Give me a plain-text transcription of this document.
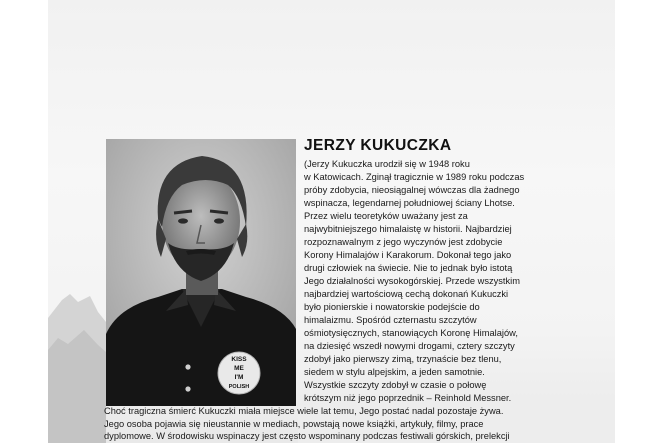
KISS
ME
I'M
POLISH
JERZY KUKUCZKA
(Jerzy Kukuczka urodził się w 1948 roku
w Katowicach. Zginął tragicznie w 1989 roku podczas
próby zdobycia, nieosiągalnej wówczas dla żadnego
wspinacza, legendarnej południowej ściany Lhotse.
Przez wielu teoretyków uważany jest za
najwybitniejszego himalaistę w historii. Najbardziej
rozpoznawalnym z jego wyczynów jest zdobycie
Korony Himalajów i Karakorum. Dokonał tego jako
drugi człowiek na świecie. Nie to jednak było istotą
Jego działalności wysokogórskiej. Przede wszystkim
najbardziej wartościową cechą dokonań Kukuczki
było pionierskie i nowatorskie podejście do
himalaizmu. Spośród czternastu szczytów
ośmiotysięcznych, stanowiących Koronę Himalajów,
na dziesięć wszedł nowymi drogami, cztery szczyty
zdobył jako pierwszy zimą, trzynaście bez tlenu,
siedem w stylu alpejskim, a jeden samotnie.
Wszystkie szczyty zdobył w czasie o połowę
krótszym niż jego poprzednik – Reinhold Messner.
Choć tragiczna śmierć Kukuczki miała miejsce wiele lat temu, Jego postać nadal pozostaje żywa.
Jego osoba pojawia się nieustannie w mediach, powstają nowe książki, artykuły, filmy, prace
dyplomowe. W środowisku wspinaczy jest często wspominany podczas festiwali górskich, prelekcji
